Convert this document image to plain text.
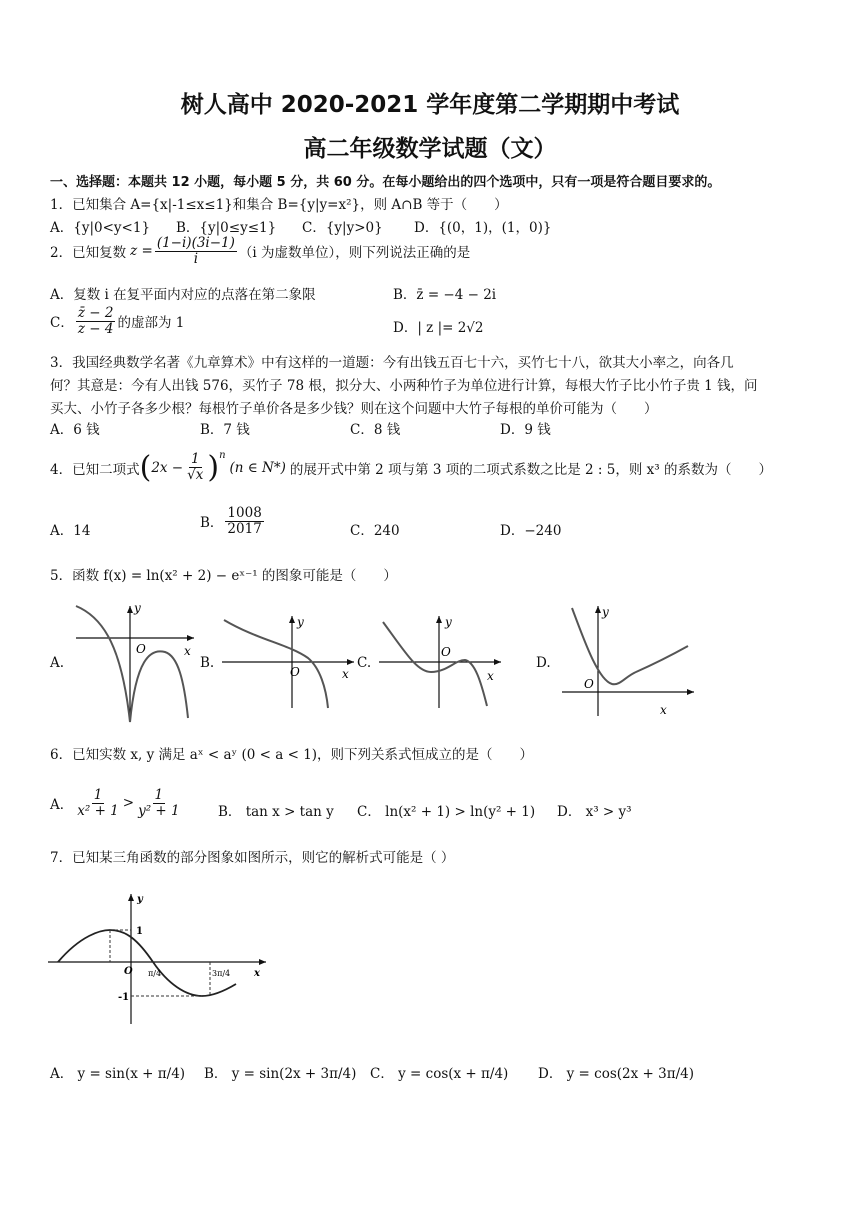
树人高中 2020-2021 学年度第二学期期中考试
高二年级数学试题（文）
一、选择题：本题共 12 小题，每小题 5 分，共 60 分。在每小题给出的四个选项中，只有一项是符合题目要求的。
1．已知集合 A={x|-1≤x≤1}和集合 B={y|y=x²}，则 A∩B 等于（　　）
A．{y|0<y<1} B．{y|0≤y≤1} C．{y|y>0} D．{(0，1)，(1，0)}
2．已知复数 $z = \frac{(1-i)(3i-1)}{i} (i$ 为虚数单位），则下列说法正确的是
A．复数 i 在复平面内对应的点落在第二象限	B．z̄ = −4 − 2i
C． $\frac{z̄ - 2}{z - 4}$ 的虚部为 1	D．| z |= 2√2
3．我国经典数学名著《九章算术》中有这样的一道题：今有出钱五百七十六，买竹七十八，欲其大小率之，向各几
何？其意是：今有人出钱 576，买竹子 78 根，拟分大、小两种竹子为单位进行计算，每根大竹子比小竹子贵 1 钱，问
买大、小竹子各多少根？每根竹子单价各是多少钱？则在这个问题中大竹子每根的单价可能为（　　）
A．6 钱	B．7 钱	C．8 钱	D．9 钱
4．已知二项式 ( $2x - \frac{1}{√x}$ ) n
(n ∈ N*) 的展开式中第 2 项与第 3 项的二项式系数之比是 2 : 5，则 x³ 的系数为（　　）
A．14	B． $\frac{1008}{2017}$	C．240	D．−240
5．函数 f(x) = ln(x² + 2) − eˣ⁻¹ 的图象可能是（　　）
A.
y
x
O
B.
y
x
O
C.
y
x
O
D.
y
x
O
6．已知实数 x, y 满足 aˣ < aʸ (0 < a < 1)，则下列关系式恒成立的是（　　）
A． $\frac{1}{\text{x² + 1}} > \frac{1}{\text{y² + 1}}$	B． tan x > tan y C． ln(x² + 1) > ln(y² + 1) D． x³ > y³
7．已知某三角函数的部分图象如图所示，则它的解析式可能是（ ）
y
x
O
1
-1
π/4	3π/4
A． y = sin(x + π/4) B． y = sin(2x + 3π/4) C． y = cos(x + π/4) D． y = cos(2x + 3π/4)
